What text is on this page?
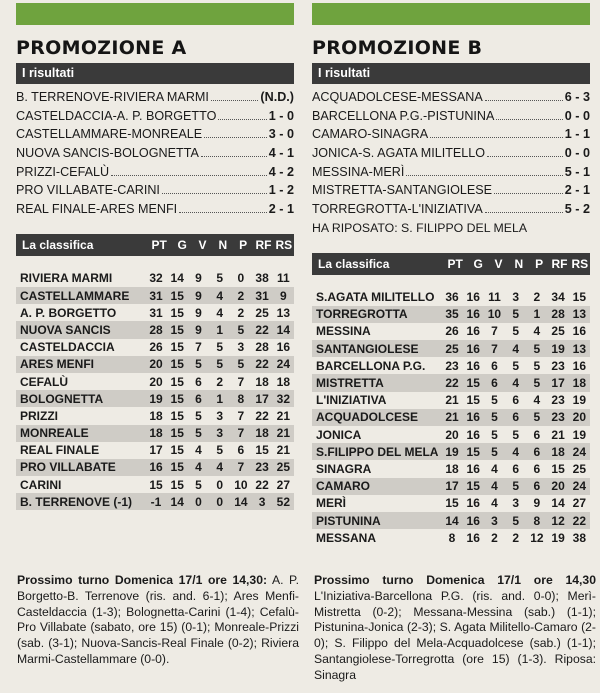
PROMOZIONE A
I risultati
B. TERRENOVE-RIVIERA MARMI	(N.D.)
CASTELDACCIA-A. P. BORGETTO	1 - 0
CASTELLAMMARE-MONREALE	3 - 0
NUOVA SANCIS-BOLOGNETTA	4 - 1
PRIZZI-CEFALÙ	4 - 2
PRO VILLABATE-CARINI	1 - 2
REAL FINALE-ARES MENFI	2 - 1
La classifica	PT G V N P RF RS
RIVIERA MARMI	32	14	9	5	0	38	11
CASTELLAMMARE	31	15	9	4	2	31	9
A. P. BORGETTO	31	15	9	4	2	25	13
NUOVA SANCIS	28	15	9	1	5	22	14
CASTELDACCIA	26	15	7	5	3	28	16
ARES MENFI	20	15	5	5	5	22	24
CEFALÙ	20	15	6	2	7	18	18
BOLOGNETTA	19	15	6	1	8	17	32
PRIZZI	18	15	5	3	7	22	21
MONREALE	18	15	5	3	7	18	21
REAL FINALE	17	15	4	5	6	15	21
PRO VILLABATE	16	15	4	4	7	23	25
CARINI	15	15	5	0	10	22	27
B. TERRENOVE (-1)	-1	14	0	0	14	3	52
Prossimo turno Domenica 17/1 ore 14,30: A. P. Borgetto-B. Terrenove (ris. and. 6-1); Ares Menfi-Casteldaccia (1-3); Bolognetta-Carini (1-4); Cefalù-Pro Villabate (sabato, ore 15) (0-1); Monreale-Prizzi (sab. (3-1); Nuova-Sancis-Real Finale (0-2); Riviera Marmi-Castellammare (0-0).
PROMOZIONE B
I risultati
ACQUADOLCESE-MESSANA	6 - 3
BARCELLONA P.G.-PISTUNINA	0 - 0
CAMARO-SINAGRA	1 - 1
JONICA-S. AGATA MILITELLO	0 - 0
MESSINA-MERÌ	5 - 1
MISTRETTA-SANTANGIOLESE	2 - 1
TORREGROTTA-L'INIZIATIVA	5 - 2
HA RIPOSATO: S. FILIPPO DEL MELA
La classifica	PT G V N P RF RS
S.AGATA MILITELLO	36	16	11	3	2	34	15
TORREGROTTA	35	16	10	5	1	28	13
MESSINA	26	16	7	5	4	25	16
SANTANGIOLESE	25	16	7	4	5	19	13
BARCELLONA P.G.	23	16	6	5	5	23	16
MISTRETTA	22	15	6	4	5	17	18
L'INIZIATIVA	21	15	5	6	4	23	19
ACQUADOLCESE	21	16	5	6	5	23	20
JONICA	20	16	5	5	6	21	19
S.FILIPPO DEL MELA	19	15	5	4	6	18	24
SINAGRA	18	16	4	6	6	15	25
CAMARO	17	15	4	5	6	20	24
MERÌ	15	16	4	3	9	14	27
PISTUNINA	14	16	3	5	8	12	22
MESSANA	8	16	2	2	12	19	38
Prossimo turno Domenica 17/1 ore 14,30 L'Iniziativa-Barcellona P.G. (ris. and. 0-0); Merì-Mistretta (0-2); Messana-Messina (sab.) (1-1); Pistunina-Jonica (2-3); S. Agata Militello-Camaro (2-0); S. Filippo del Mela-Acquadolcese (sab.) (1-1); Santangiolese-Torregrotta (ore 15) (1-3). Riposa: Sinagra
